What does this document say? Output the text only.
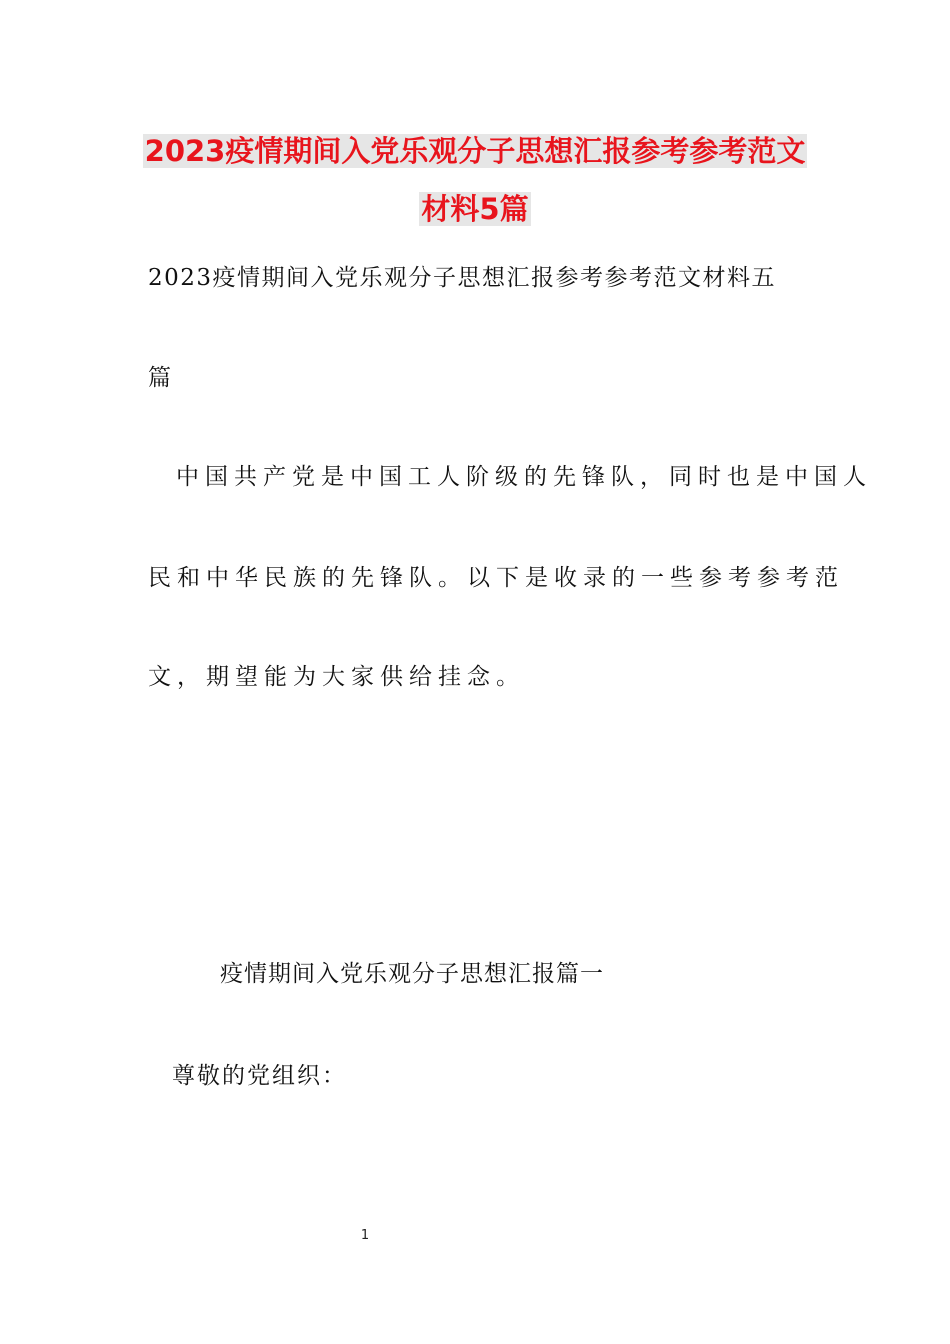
2023疫情期间入党乐观分子思想汇报参考参考范文
材料5篇
2023疫情期间入党乐观分子思想汇报参考参考范文材料五
篇
中国共产党是中国工人阶级的先锋队，同时也是中国人
民和中华民族的先锋队。以下是收录的一些参考参考范
文，期望能为大家供给挂念。
疫情期间入党乐观分子思想汇报篇一
尊敬的党组织：
1
